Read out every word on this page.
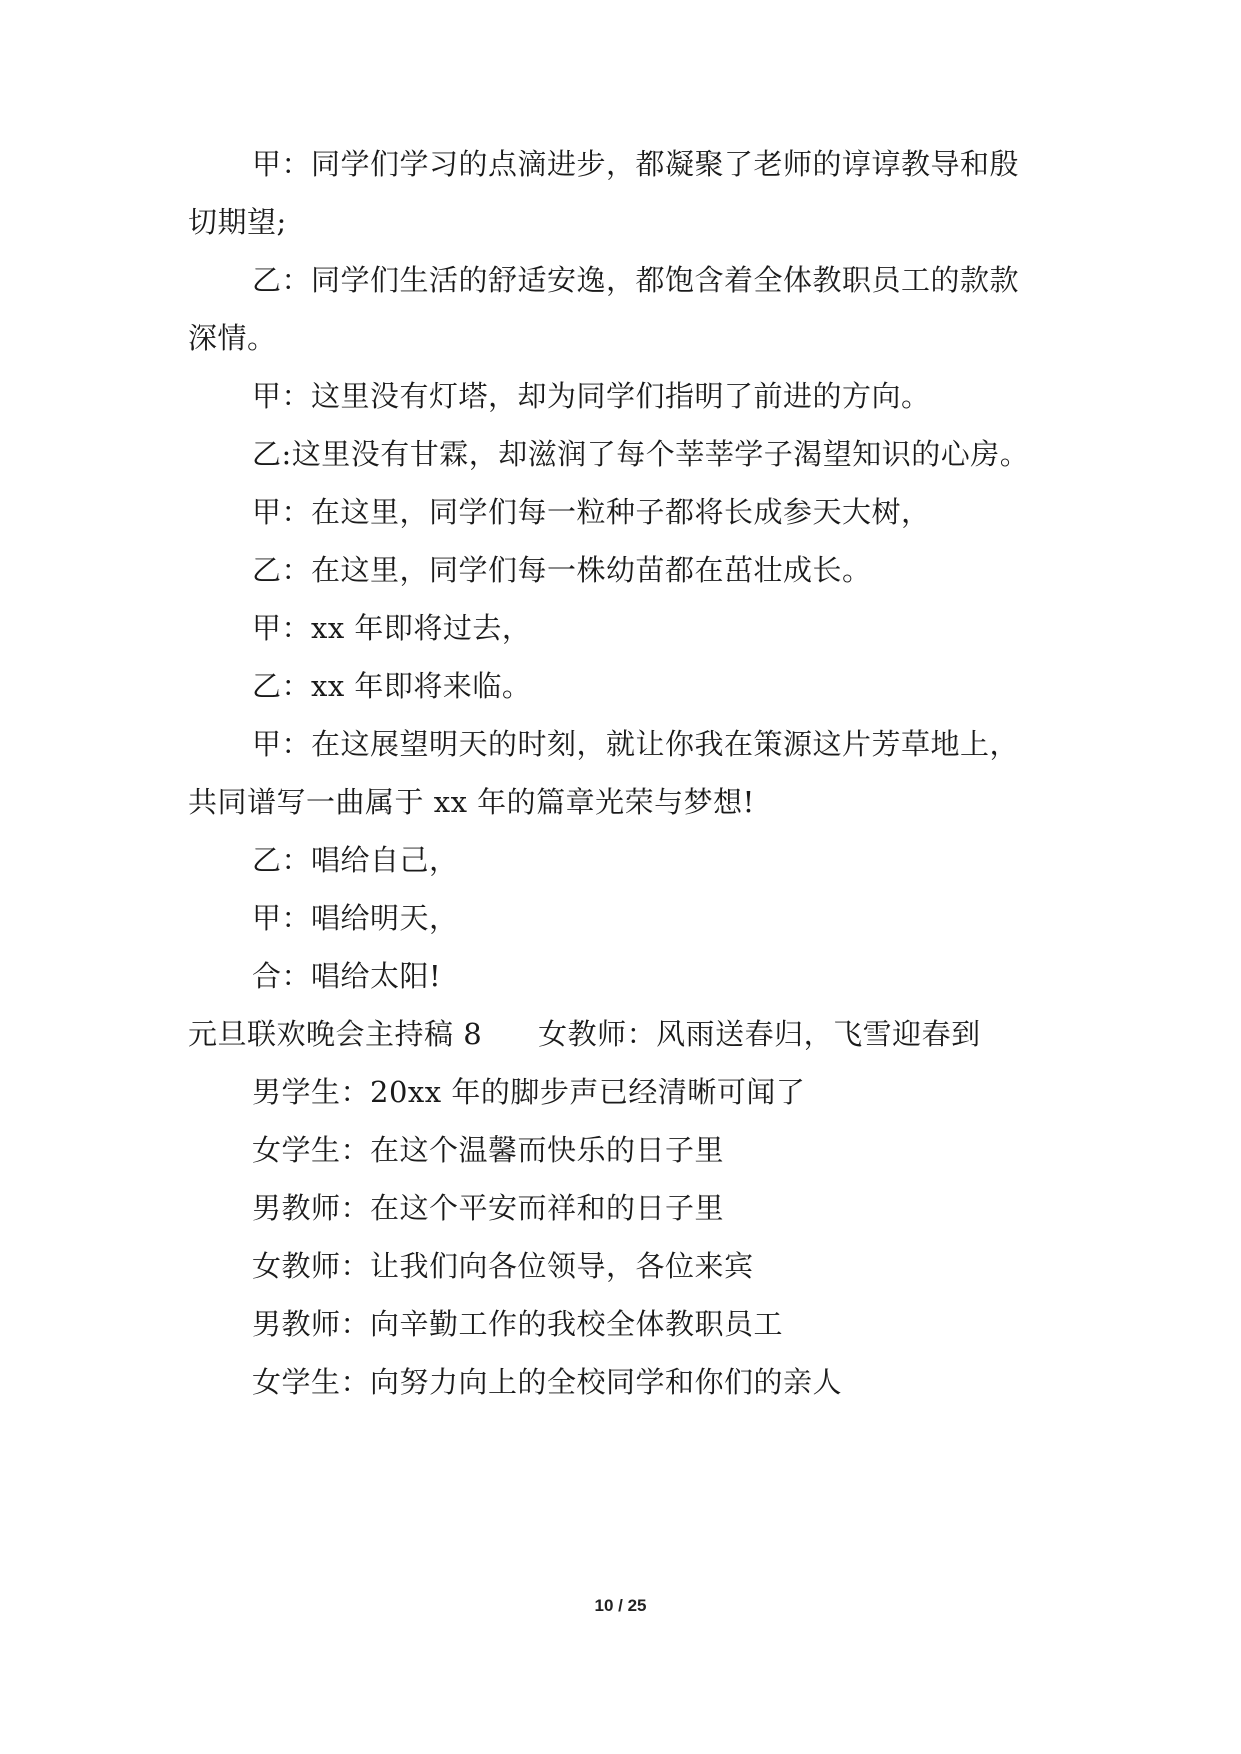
甲：同学们学习的点滴进步，都凝聚了老师的谆谆教导和殷
切期望;
乙：同学们生活的舒适安逸，都饱含着全体教职员工的款款
深情。
甲：这里没有灯塔，却为同学们指明了前进的方向。
乙:这里没有甘霖，却滋润了每个莘莘学子渴望知识的心房。
甲：在这里，同学们每一粒种子都将长成参天大树，
乙：在这里，同学们每一株幼苗都在茁壮成长。
甲：xx 年即将过去，
乙：xx 年即将来临。
甲：在这展望明天的时刻，就让你我在策源这片芳草地上，
共同谱写一曲属于 xx 年的篇章光荣与梦想!
乙：唱给自己，
甲：唱给明天，
合：唱给太阳!
元旦联欢晚会主持稿 8 女教师：风雨送春归，飞雪迎春到
男学生：20xx 年的脚步声已经清晰可闻了
女学生：在这个温馨而快乐的日子里
男教师：在这个平安而祥和的日子里
女教师：让我们向各位领导，各位来宾
男教师：向辛勤工作的我校全体教职员工
女学生：向努力向上的全校同学和你们的亲人
10 / 25
